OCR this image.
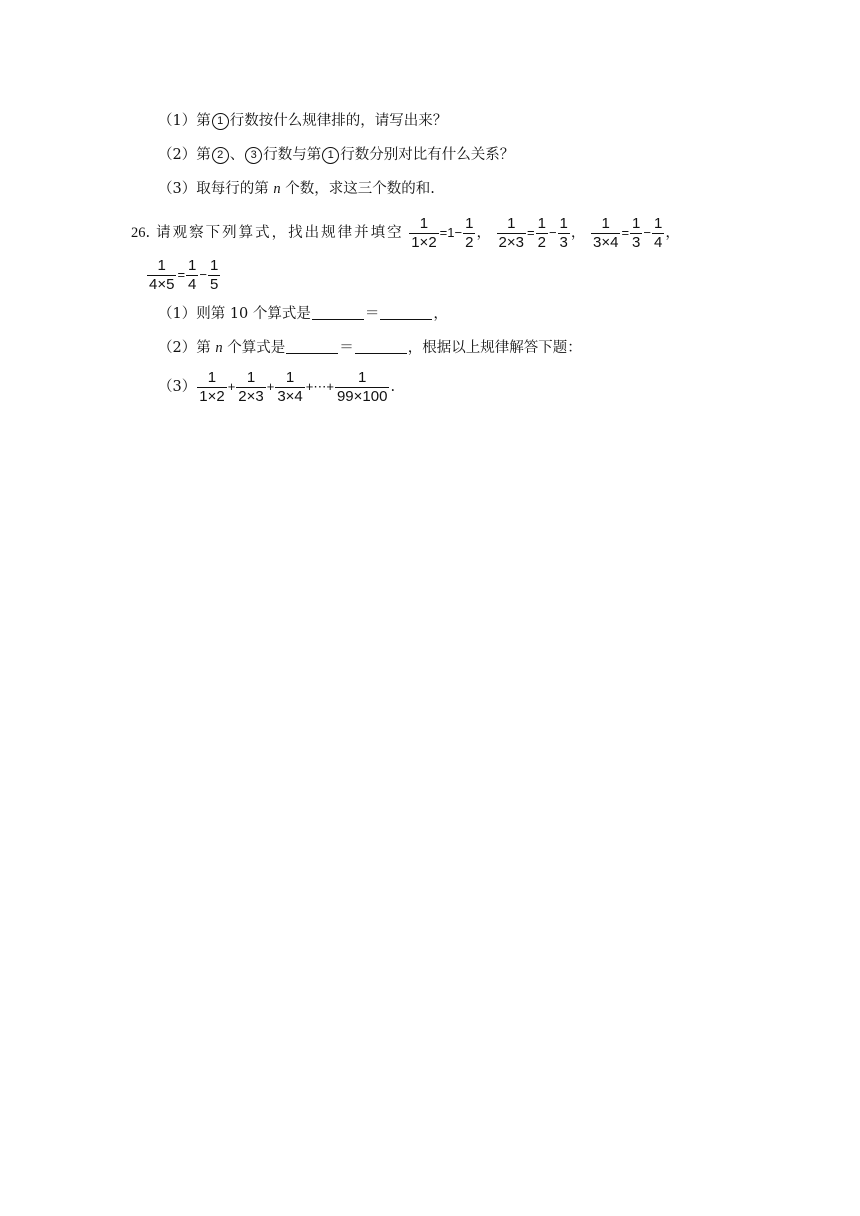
（1）第 1 行数按什么规律排的，请写出来？
（2）第 2 、 3 行数与第 1 行数分别对比有什么关系？
（3）取每行的第 n 个数，求这三个数的和.
26. 请观察下列算式，找出规律并填空 $\frac{1}{1\times 2} =1- \frac{1}{2}$ ， $\frac{1}{2\times 3} = \frac{1}{2} - \frac{1}{3}$ ， $\frac{1}{3\times 4} = \frac{1}{3} - \frac{1}{4}$ ，
$\frac{1}{4\times 5} = \frac{1}{4} - \frac{1}{5}$
（1）则第 10 个算式是	＝	，
（2）第 n 个算式是	＝	，根据以上规律解答下题：
$(3) \frac{1}{1\times 2} + \frac{1}{2\times 3} + \frac{1}{3\times 4}$ +⋯+ $\frac{1}{99\times 100}$ .
